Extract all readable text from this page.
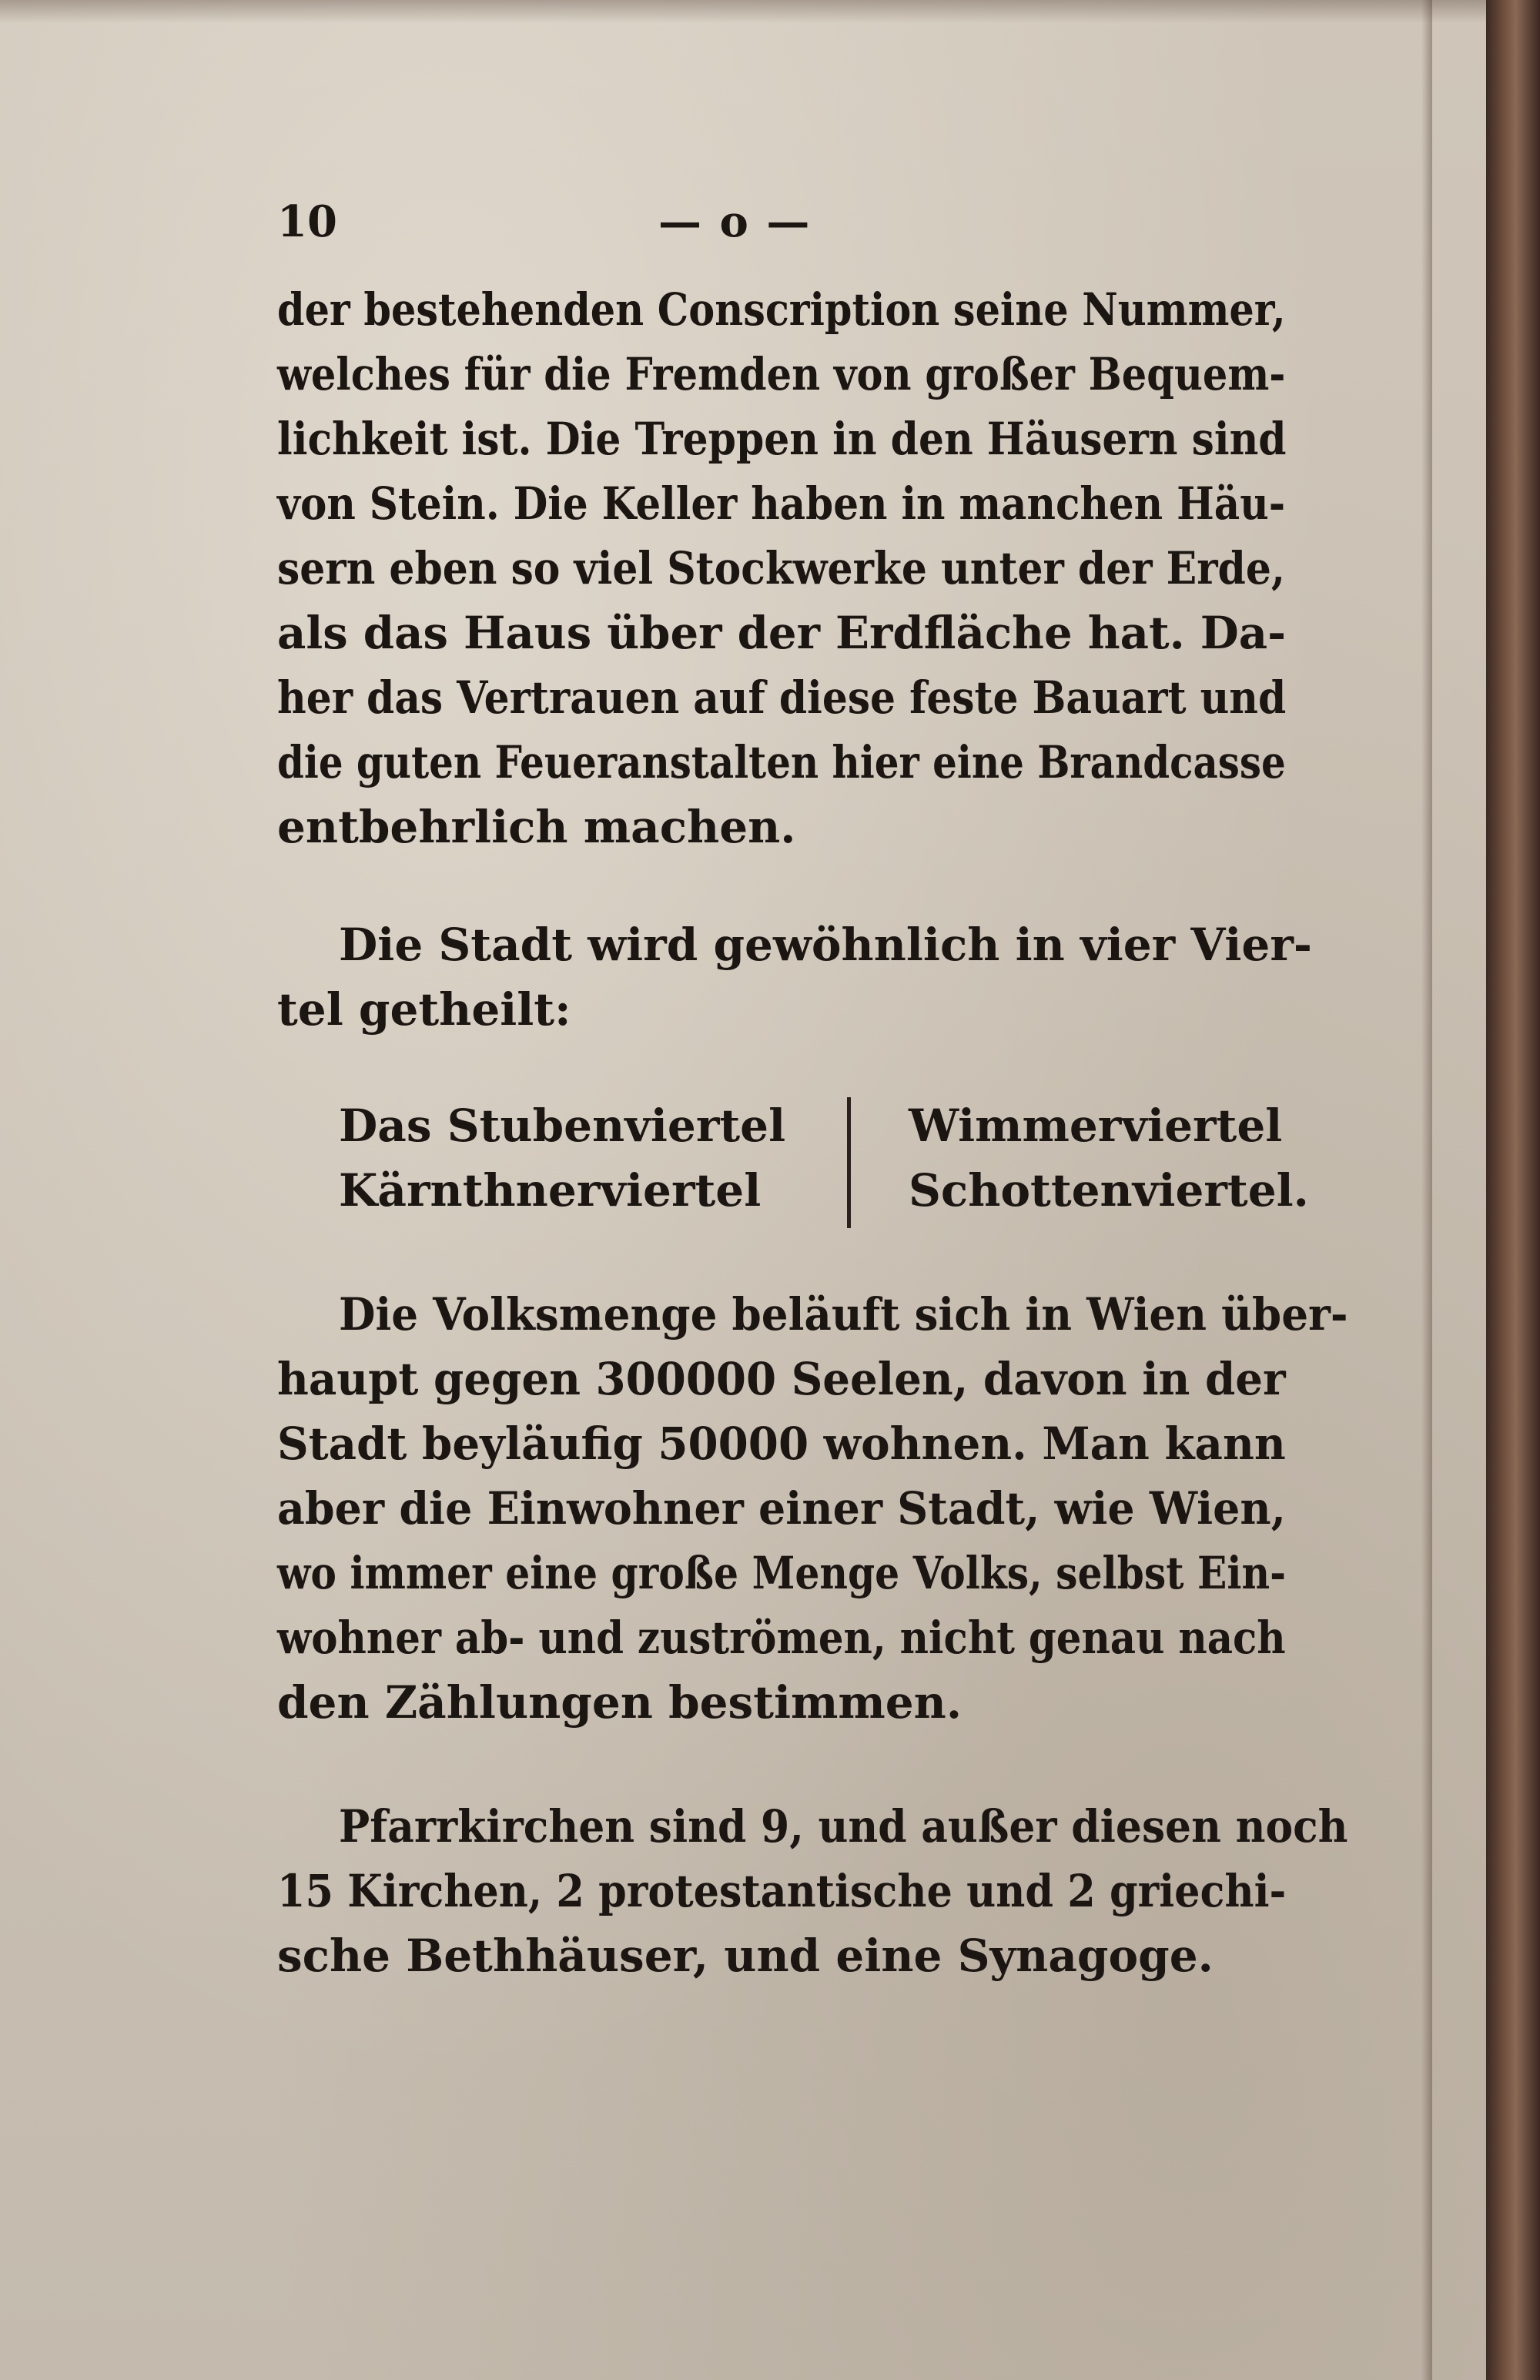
10	— o —
der bestehenden Conscription seine Nummer,
welches für die Fremden von großer Bequem-
lichkeit ist. Die Treppen in den Häusern sind
von Stein. Die Keller haben in manchen Häu-
sern eben so viel Stockwerke unter der Erde,
als das Haus über der Erdfläche hat. Da-
her das Vertrauen auf diese feste Bauart und
die guten Feueranstalten hier eine Brandcasse
entbehrlich machen.
Die Stadt wird gewöhnlich in vier Vier-
tel getheilt:
Das Stubenviertel
Kärnthnerviertel
Wimmerviertel
Schottenviertel.
Die Volksmenge beläuft sich in Wien über-
haupt gegen 300000 Seelen, davon in der
Stadt beyläufig 50000 wohnen. Man kann
aber die Einwohner einer Stadt, wie Wien,
wo immer eine große Menge Volks, selbst Ein-
wohner ab- und zuströmen, nicht genau nach
den Zählungen bestimmen.
Pfarrkirchen sind 9, und außer diesen noch
15 Kirchen, 2 protestantische und 2 griechi-
sche Bethhäuser, und eine Synagoge.
